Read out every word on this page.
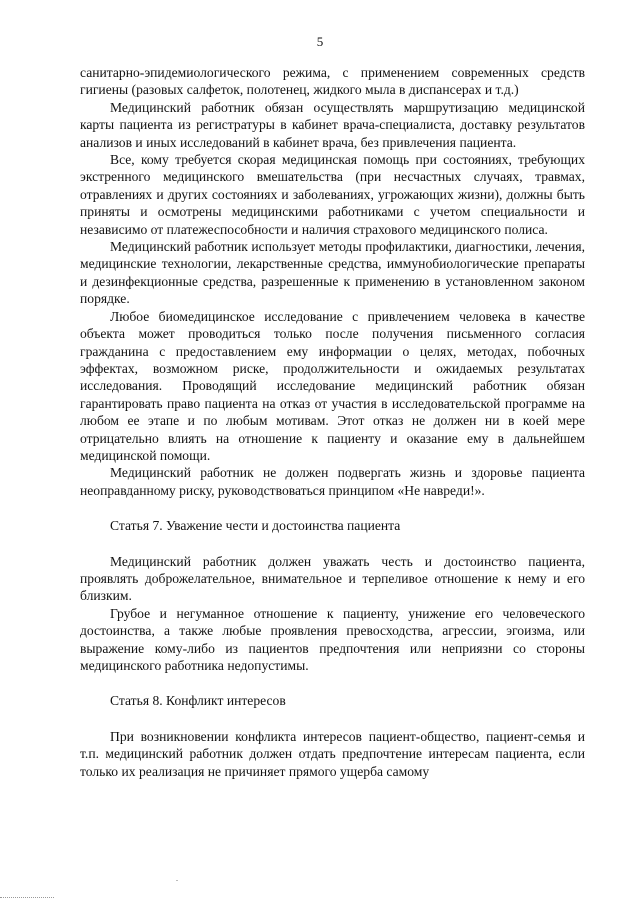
5

санитарно-эпидемиологического режима, с применением современных средств гигиены (разовых салфеток, полотенец, жидкого мыла в диспансерах и т.д.)

Медицинский работник обязан осуществлять маршрутизацию медицинской карты пациента из регистратуры в кабинет врача-специалиста, доставку результатов анализов и иных исследований в кабинет врача, без привлечения пациента.

Все, кому требуется скорая медицинская помощь при состояниях, требующих экстренного медицинского вмешательства (при несчастных случаях, травмах, отравлениях и других состояниях и заболеваниях, угрожающих жизни), должны быть приняты и осмотрены медицинскими работниками с учетом специальности и независимо от платежеспособности и наличия страхового медицинского полиса.

Медицинский работник использует методы профилактики, диагностики, лечения, медицинские технологии, лекарственные средства, иммунобиологические препараты и дезинфекционные средства, разрешенные к применению в установленном законом порядке.

Любое биомедицинское исследование с привлечением человека в качестве объекта может проводиться только после получения письменного согласия гражданина с предоставлением ему информации о целях, методах, побочных эффектах, возможном риске, продолжительности и ожидаемых результатах исследования. Проводящий исследование медицинский работник обязан гарантировать право пациента на отказ от участия в исследовательской программе на любом ее этапе и по любым мотивам. Этот отказ не должен ни в коей мере отрицательно влиять на отношение к пациенту и оказание ему в дальнейшем медицинской помощи.

Медицинский работник не должен подвергать жизнь и здоровье пациента неоправданному риску, руководствоваться принципом «Не навреди!».

Статья 7. Уважение чести и достоинства пациента

Медицинский работник должен уважать честь и достоинство пациента, проявлять доброжелательное, внимательное и терпеливое отношение к нему и его близким.

Грубое и негуманное отношение к пациенту, унижение его человеческого достоинства, а также любые проявления превосходства, агрессии, эгоизма, или выражение кому-либо из пациентов предпочтения или неприязни со стороны медицинского работника недопустимы.

Статья 8. Конфликт интересов

При возникновении конфликта интересов пациент-общество, пациент-семья и т.п. медицинский работник должен отдать предпочтение интересам пациента, если только их реализация не причиняет прямого ущерба самому
